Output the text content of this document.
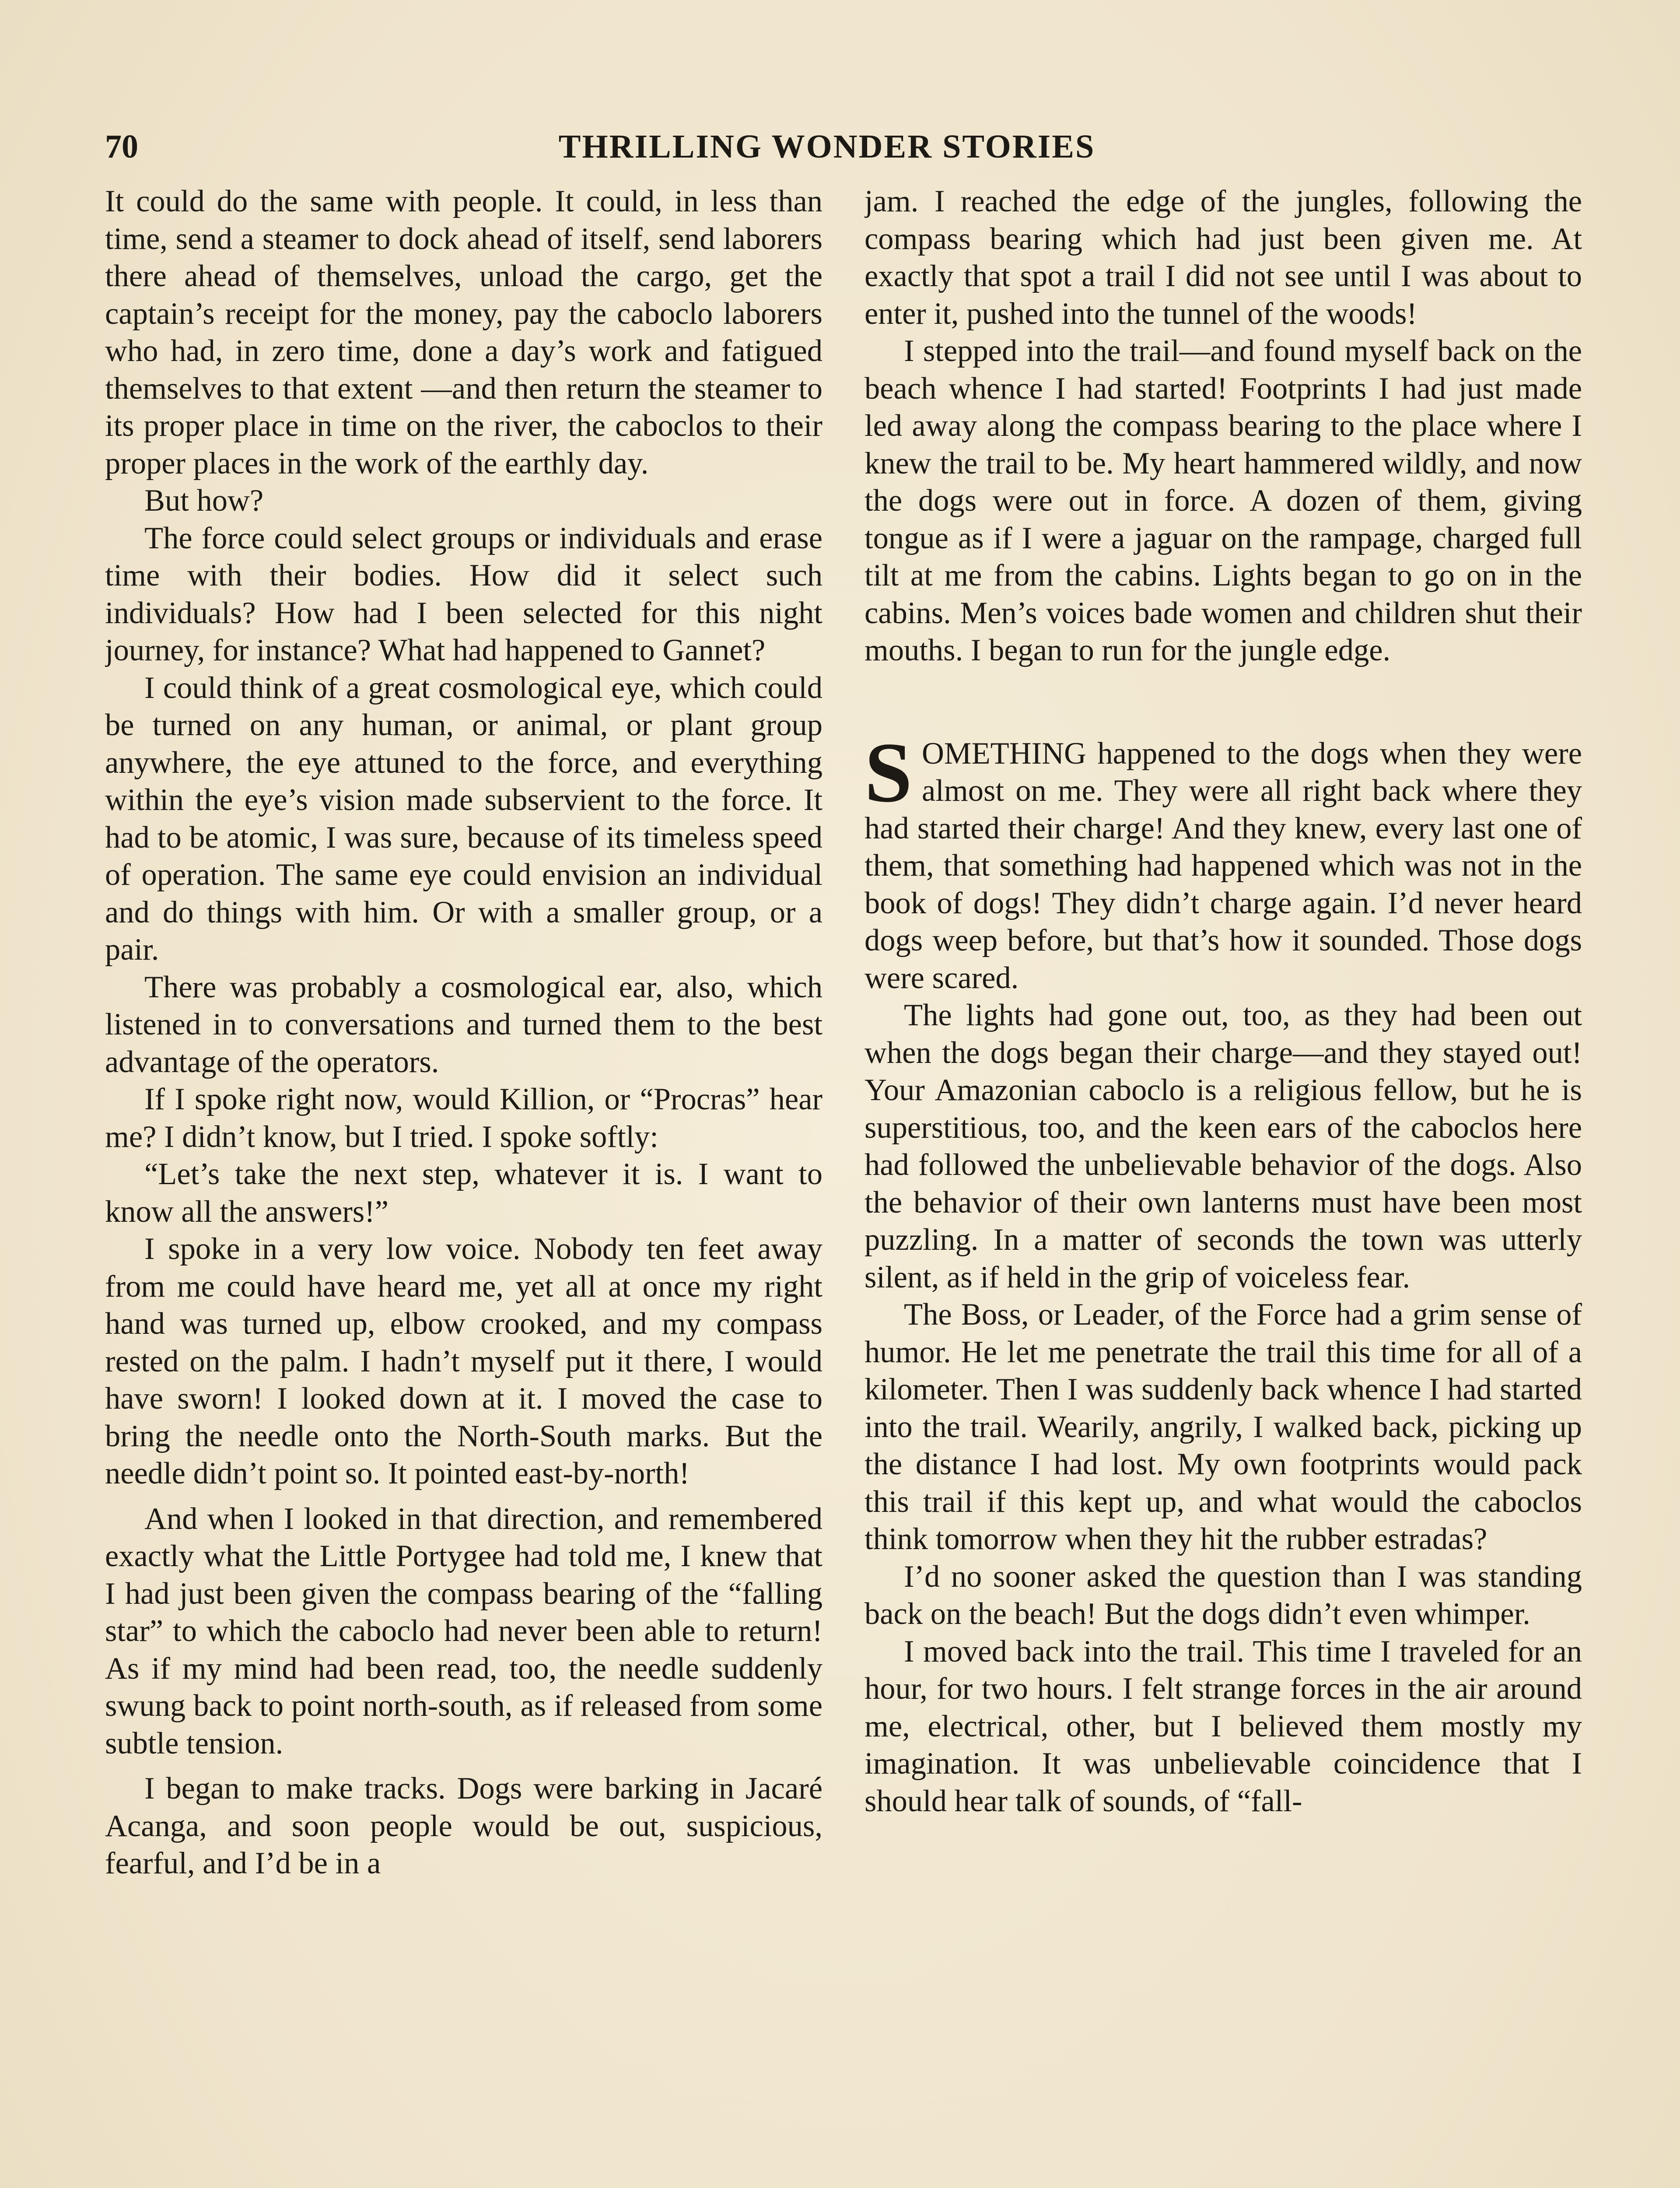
70	THRILLING WONDER STORIES

It could do the same with people. It could, in less than time, send a steamer to dock ahead of itself, send laborers there ahead of themselves, unload the cargo, get the captain’s receipt for the money, pay the caboclo laborers who had, in zero time, done a day’s work and fatigued themselves to that extent —and then return the steamer to its proper place in time on the river, the caboclos to their proper places in the work of the earthly day.

But how?

The force could select groups or individuals and erase time with their bodies. How did it select such individuals? How had I been selected for this night journey, for instance? What had happened to Gannet?

I could think of a great cosmological eye, which could be turned on any human, or animal, or plant group anywhere, the eye attuned to the force, and everything within the eye’s vision made subservient to the force. It had to be atomic, I was sure, because of its timeless speed of operation. The same eye could envision an individual and do things with him. Or with a smaller group, or a pair.

There was probably a cosmological ear, also, which listened in to conversations and turned them to the best advantage of the operators.

If I spoke right now, would Killion, or “Procras” hear me? I didn’t know, but I tried. I spoke softly:

“Let’s take the next step, whatever it is. I want to know all the answers!”

I spoke in a very low voice. Nobody ten feet away from me could have heard me, yet all at once my right hand was turned up, elbow crooked, and my compass rested on the palm. I hadn’t myself put it there, I would have sworn! I looked down at it. I moved the case to bring the needle onto the North-South marks. But the needle didn’t point so. It pointed east-by-north!

And when I looked in that direction, and remembered exactly what the Little Portygee had told me, I knew that I had just been given the compass bearing of the “falling star” to which the caboclo had never been able to return! As if my mind had been read, too, the needle suddenly swung back to point north-south, as if released from some subtle tension.

I began to make tracks. Dogs were barking in Jacaré Acanga, and soon people would be out, suspicious, fearful, and I’d be in a

jam. I reached the edge of the jungles, following the compass bearing which had just been given me. At exactly that spot a trail I did not see until I was about to enter it, pushed into the tunnel of the woods!

I stepped into the trail—and found myself back on the beach whence I had started! Footprints I had just made led away along the compass bearing to the place where I knew the trail to be. My heart hammered wildly, and now the dogs were out in force. A dozen of them, giving tongue as if I were a jaguar on the rampage, charged full tilt at me from the cabins. Lights began to go on in the cabins. Men’s voices bade women and children shut their mouths. I began to run for the jungle edge.

SOMETHING happened to the dogs when they were almost on me. They were all right back where they had started their charge! And they knew, every last one of them, that something had happened which was not in the book of dogs! They didn’t charge again. I’d never heard dogs weep before, but that’s how it sounded. Those dogs were scared.

The lights had gone out, too, as they had been out when the dogs began their charge—and they stayed out! Your Amazonian caboclo is a religious fellow, but he is superstitious, too, and the keen ears of the caboclos here had followed the unbelievable behavior of the dogs. Also the behavior of their own lanterns must have been most puzzling. In a matter of seconds the town was utterly silent, as if held in the grip of voiceless fear.

The Boss, or Leader, of the Force had a grim sense of humor. He let me penetrate the trail this time for all of a kilometer. Then I was suddenly back whence I had started into the trail. Wearily, angrily, I walked back, picking up the distance I had lost. My own footprints would pack this trail if this kept up, and what would the caboclos think tomorrow when they hit the rubber estradas?

I’d no sooner asked the question than I was standing back on the beach! But the dogs didn’t even whimper.

I moved back into the trail. This time I traveled for an hour, for two hours. I felt strange forces in the air around me, electrical, other, but I believed them mostly my imagination. It was unbelievable coincidence that I should hear talk of sounds, of “fall-
